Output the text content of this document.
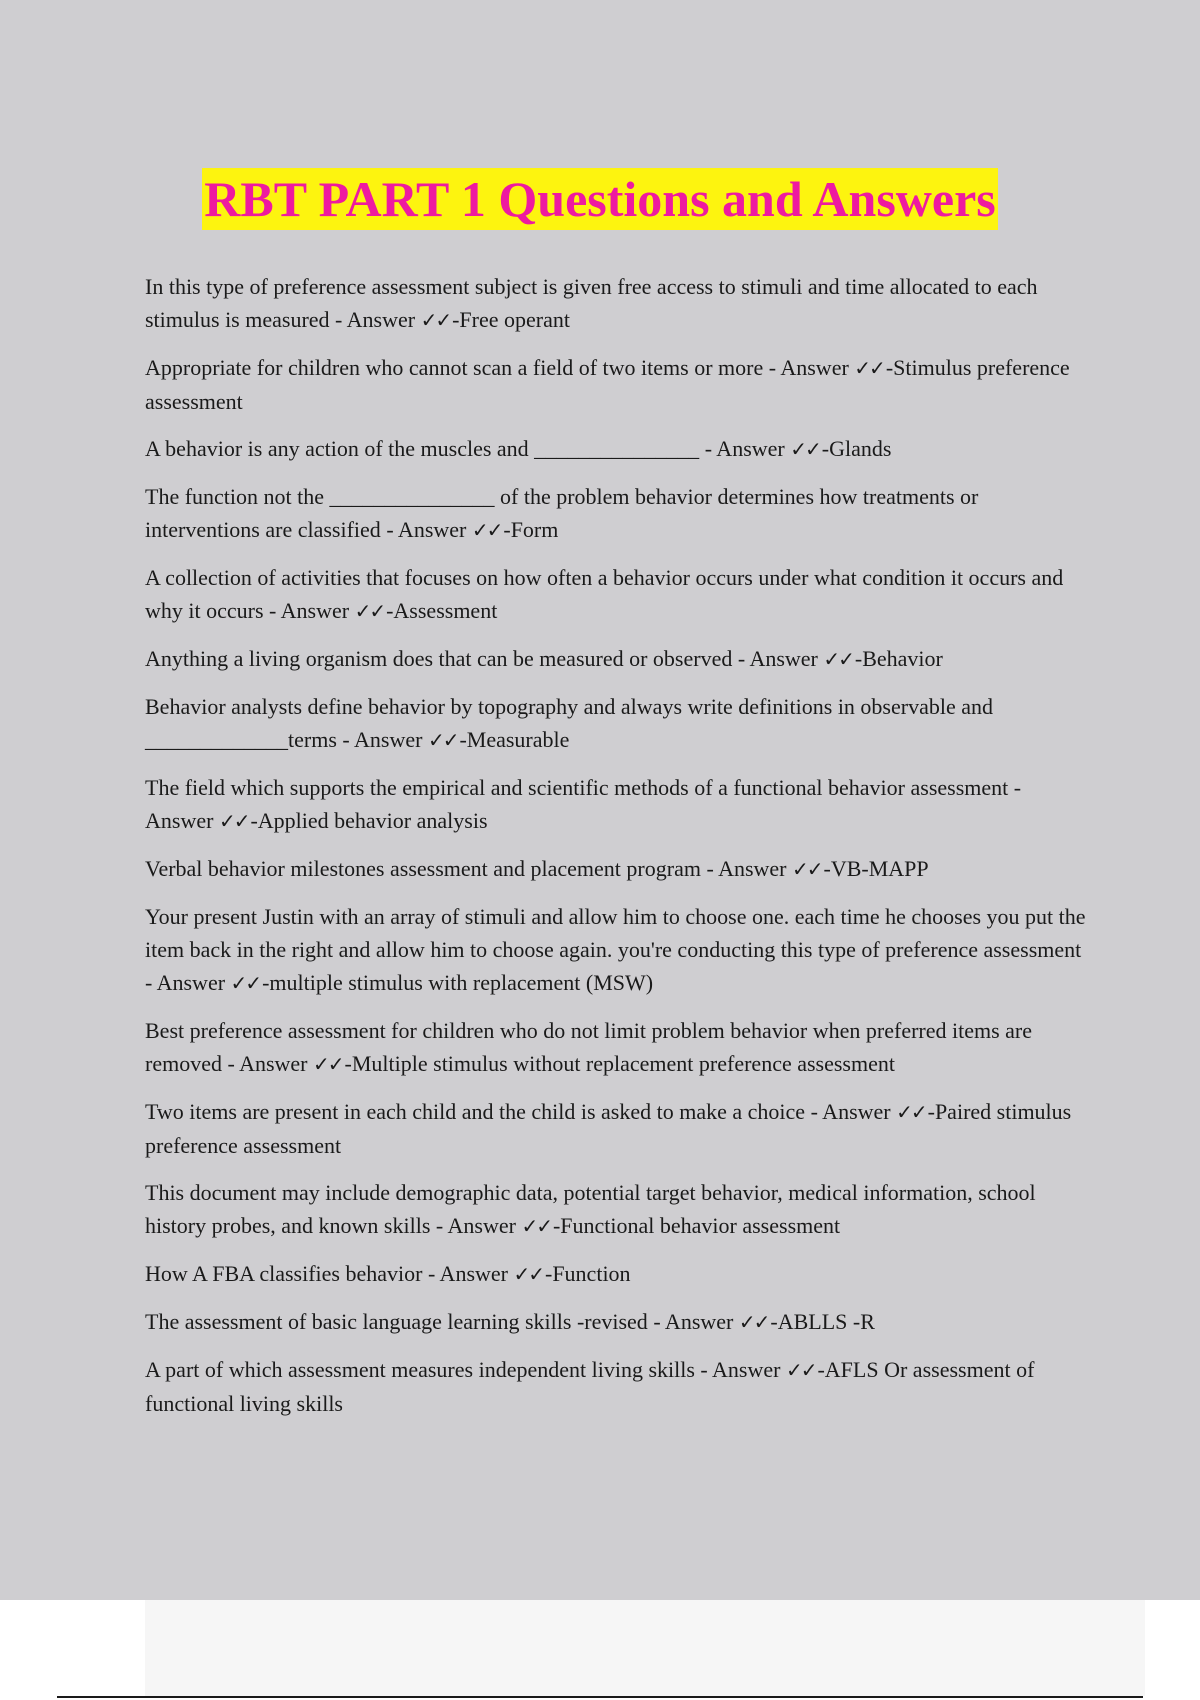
RBT PART 1 Questions and Answers
In this type of preference assessment subject is given free access to stimuli and time allocated to each stimulus is measured - Answer ✓✓-Free operant
Appropriate for children who cannot scan a field of two items or more - Answer ✓✓-Stimulus preference assessment
A behavior is any action of the muscles and _______________ - Answer ✓✓-Glands
The function not the _______________ of the problem behavior determines how treatments or interventions are classified - Answer ✓✓-Form
A collection of activities that focuses on how often a behavior occurs under what condition it occurs and why it occurs - Answer ✓✓-Assessment
Anything a living organism does that can be measured or observed - Answer ✓✓-Behavior
Behavior analysts define behavior by topography and always write definitions in observable and _____________terms - Answer ✓✓-Measurable
The field which supports the empirical and scientific methods of a functional behavior assessment - Answer ✓✓-Applied behavior analysis
Verbal behavior milestones assessment and placement program - Answer ✓✓-VB-MAPP
Your present Justin with an array of stimuli and allow him to choose one. each time he chooses you put the item back in the right and allow him to choose again. you're conducting this type of preference assessment - Answer ✓✓-multiple stimulus with replacement (MSW)
Best preference assessment for children who do not limit problem behavior when preferred items are removed - Answer ✓✓-Multiple stimulus without replacement preference assessment
Two items are present in each child and the child is asked to make a choice - Answer ✓✓-Paired stimulus preference assessment
This document may include demographic data, potential target behavior, medical information, school history probes, and known skills - Answer ✓✓-Functional behavior assessment
How A FBA classifies behavior - Answer ✓✓-Function
The assessment of basic language learning skills -revised - Answer ✓✓-ABLLS -R
A part of which assessment measures independent living skills - Answer ✓✓-AFLS Or assessment of functional living skills
